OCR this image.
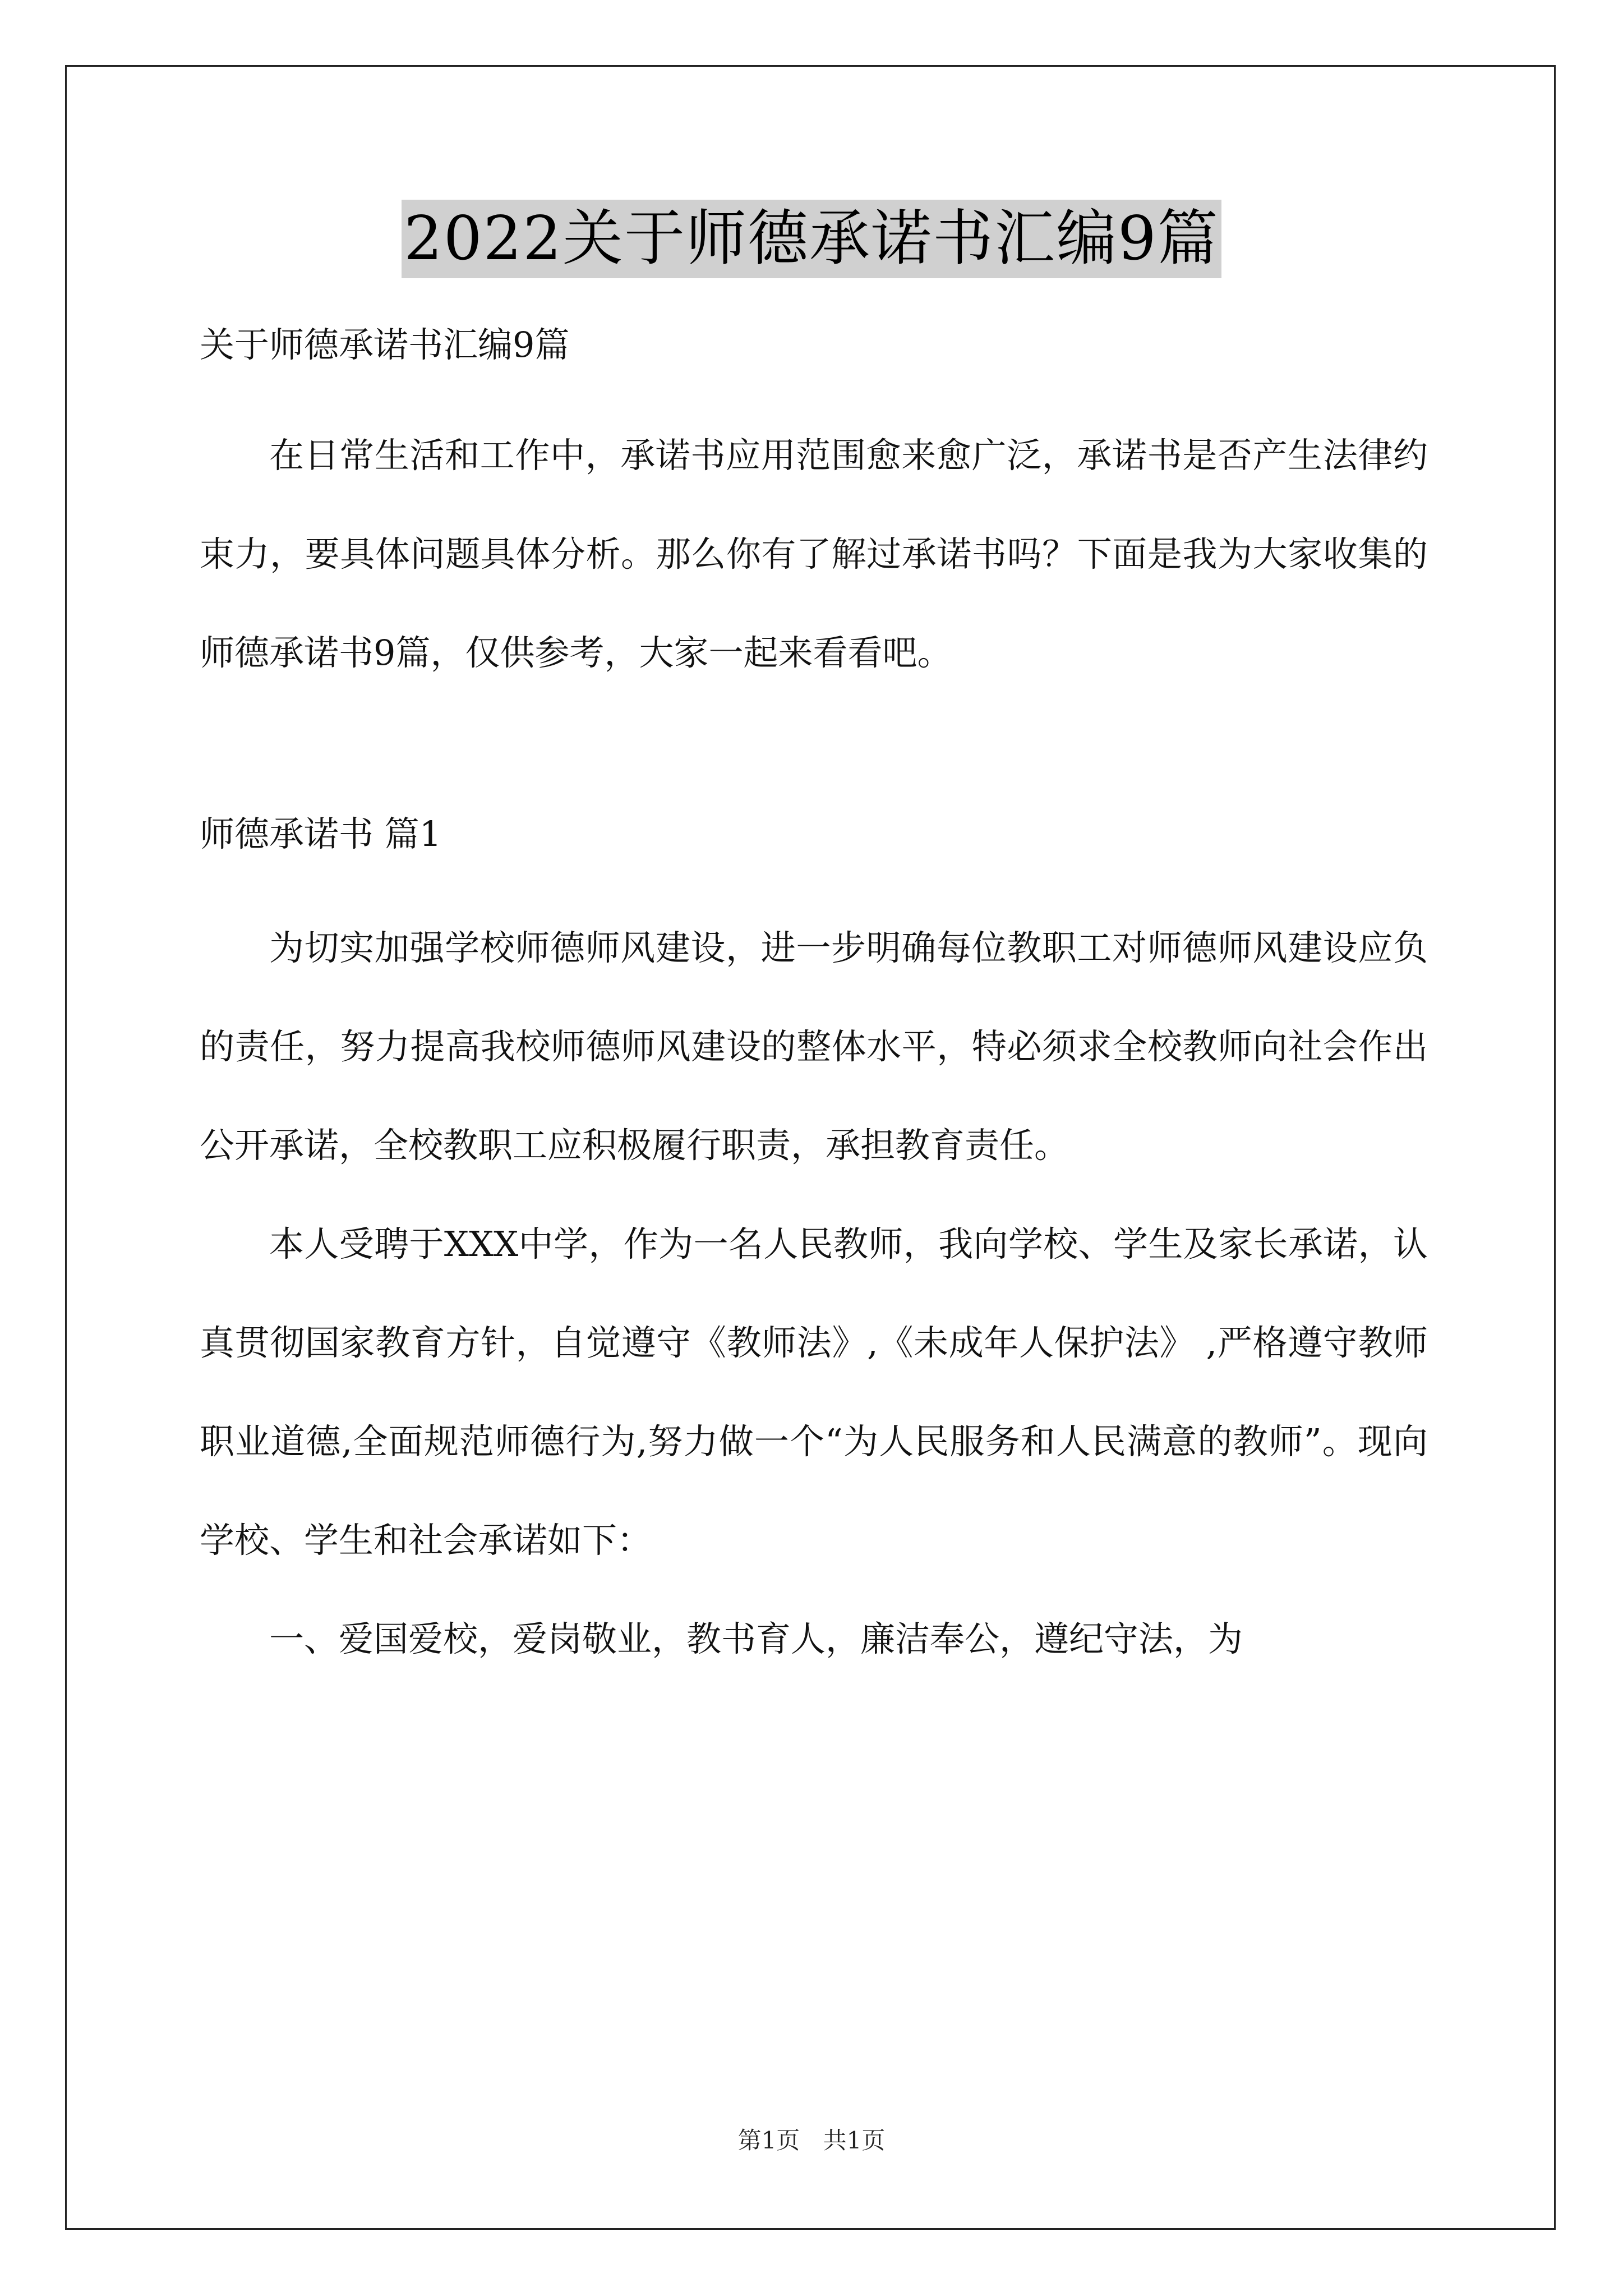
2022关于师德承诺书汇编9篇
关于师德承诺书汇编9篇

在日常生活和工作中，承诺书应用范围愈来愈广泛，承诺书是否产生法律约束力，要具体问题具体分析。那么你有了解过承诺书吗？下面是我为大家收集的师德承诺书9篇，仅供参考，大家一起来看看吧。

师德承诺书 篇1

为切实加强学校师德师风建设，进一步明确每位教职工对师德师风建设应负的责任，努力提高我校师德师风建设的整体水平，特必须求全校教师向社会作出公开承诺，全校教职工应积极履行职责，承担教育责任。

本人受聘于XXX中学，作为一名人民教师，我向学校、学生及家长承诺，认真贯彻国家教育方针，自觉遵守《教师法》,《未成年人保护法》 ,严格遵守教师职业道德,全面规范师德行为,努力做一个“为人民服务和人民满意的教师”。现向学校、学生和社会承诺如下：

一、爱国爱校，爱岗敬业，教书育人，廉洁奉公，遵纪守法，为

第1页 共1页
